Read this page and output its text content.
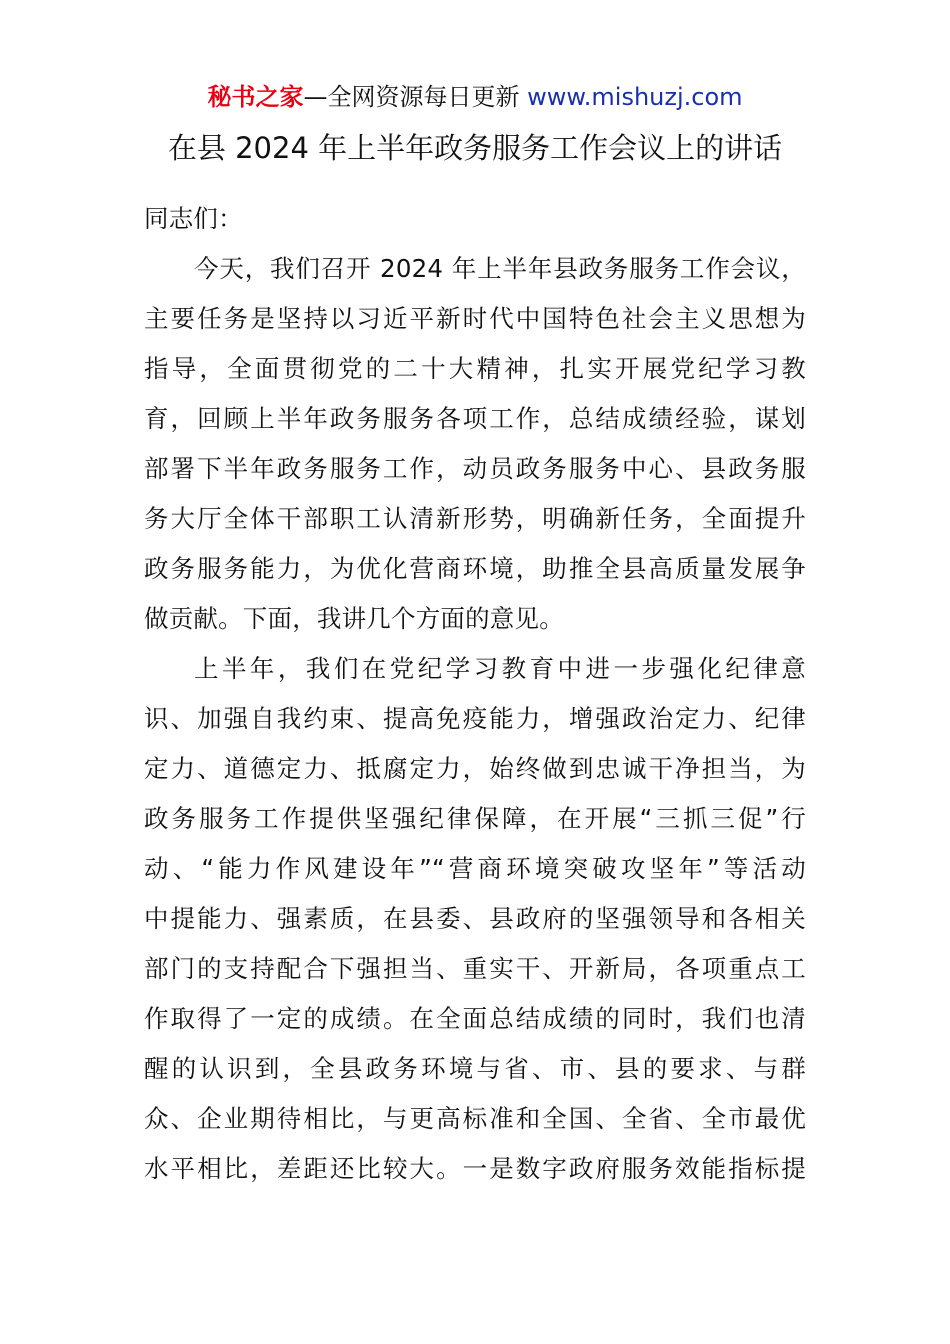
秘书之家—全网资源每日更新 www.mishuzj.com
在县 2024 年上半年政务服务工作会议上的讲话
同志们：
今天，我们召开 2024 年上半年县政务服务工作会议，
主要任务是坚持以习近平新时代中国特色社会主义思想为
指导，全面贯彻党的二十大精神，扎实开展党纪学习教
育，回顾上半年政务服务各项工作，总结成绩经验，谋划
部署下半年政务服务工作，动员政务服务中心、县政务服
务大厅全体干部职工认清新形势，明确新任务，全面提升
政务服务能力，为优化营商环境，助推全县高质量发展争
做贡献。下面，我讲几个方面的意见。
上半年，我们在党纪学习教育中进一步强化纪律意
识、加强自我约束、提高免疫能力，增强政治定力、纪律
定力、道德定力、抵腐定力，始终做到忠诚干净担当，为
政务服务工作提供坚强纪律保障，在开展“三抓三促”行
动、“能力作风建设年”“营商环境突破攻坚年”等活动
中提能力、强素质，在县委、县政府的坚强领导和各相关
部门的支持配合下强担当、重实干、开新局，各项重点工
作取得了一定的成绩。在全面总结成绩的同时，我们也清
醒的认识到，全县政务环境与省、市、县的要求、与群
众、企业期待相比，与更高标准和全国、全省、全市最优
水平相比，差距还比较大。一是数字政府服务效能指标提
